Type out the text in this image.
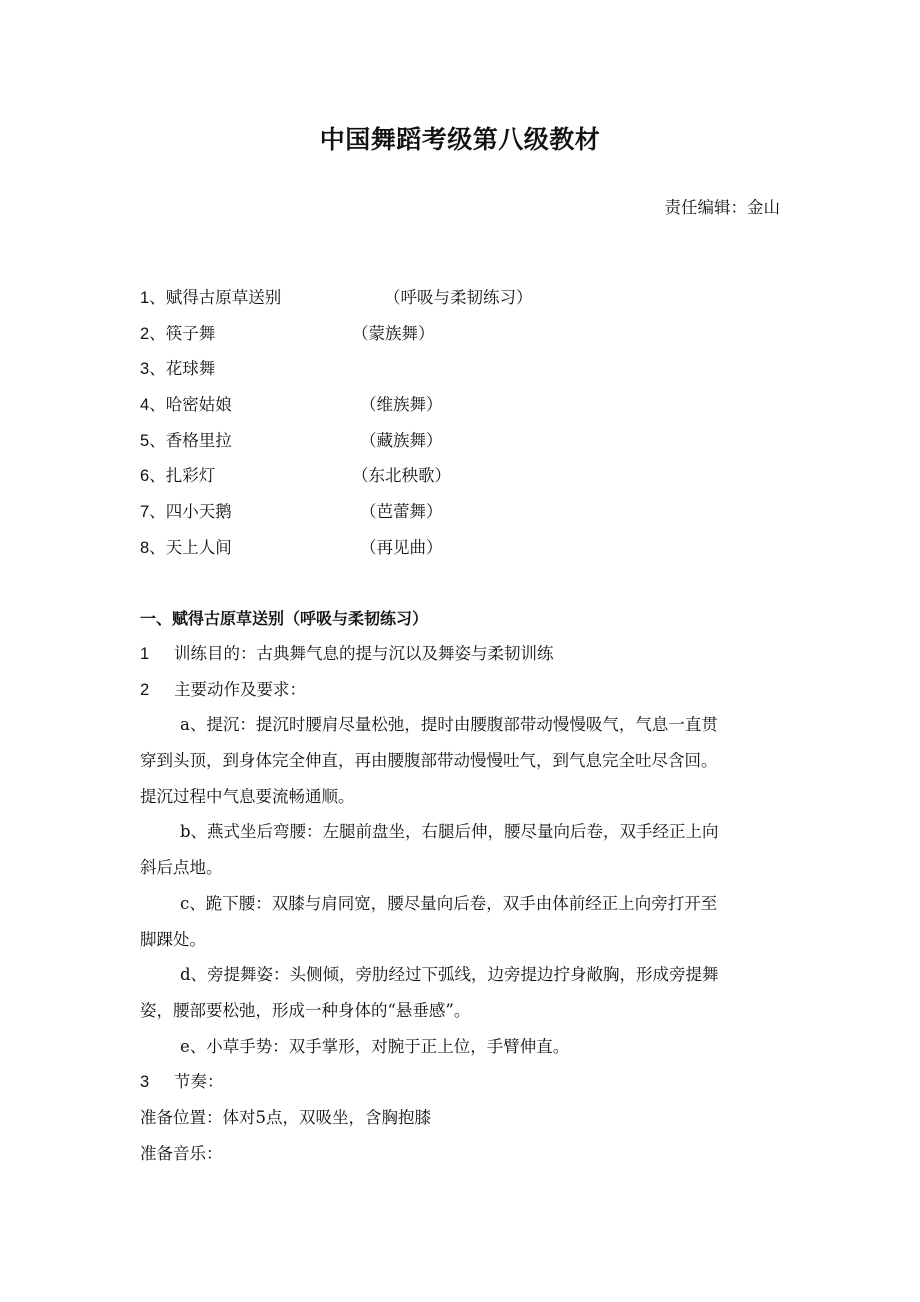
中国舞蹈考级第八级教材
责任编辑：金山
1、赋得古原草送别	（呼吸与柔韧练习）
2、筷子舞	（蒙族舞）
3、花球舞
4、哈密姑娘	（维族舞）
5、香格里拉	（藏族舞）
6、扎彩灯	（东北秧歌）
7、四小天鹅	（芭蕾舞）
8、天上人间	（再见曲）
一、赋得古原草送别（呼吸与柔韧练习）
1 训练目的：古典舞气息的提与沉以及舞姿与柔韧训练
2 主要动作及要求：
a、提沉：提沉时腰肩尽量松弛，提时由腰腹部带动慢慢吸气，气息一直贯
穿到头顶，到身体完全伸直，再由腰腹部带动慢慢吐气，到气息完全吐尽含回。
提沉过程中气息要流畅通顺。
b、燕式坐后弯腰：左腿前盘坐，右腿后伸，腰尽量向后卷，双手经正上向
斜后点地。
c、跪下腰：双膝与肩同宽，腰尽量向后卷，双手由体前经正上向旁打开至
脚踝处。
d、旁提舞姿：头侧倾，旁肋经过下弧线，边旁提边拧身敞胸，形成旁提舞
姿，腰部要松弛，形成一种身体的“悬垂感”。
e、小草手势：双手掌形，对腕于正上位，手臂伸直。
3 节奏：
准备位置：体对5点，双吸坐，含胸抱膝
准备音乐：
